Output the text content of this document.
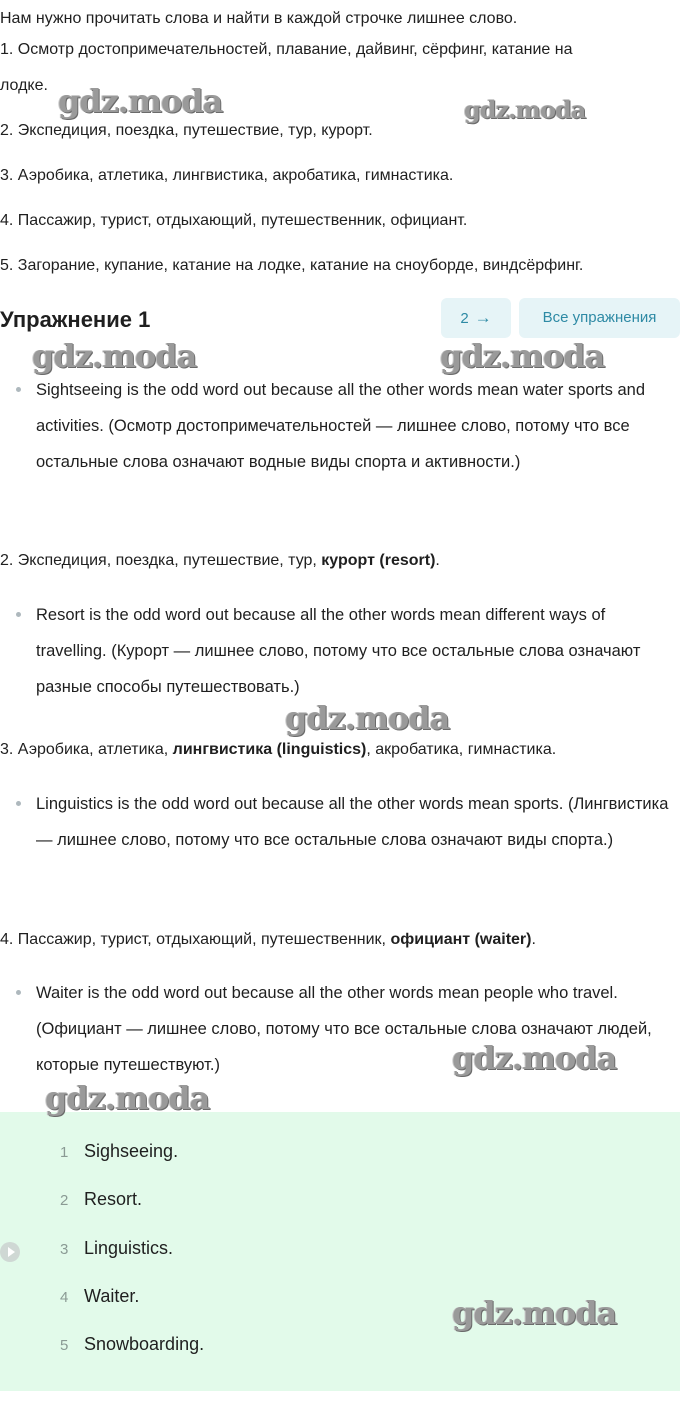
Нам нужно прочитать слова и найти в каждой строчке лишнее слово.
1. Осмотр достопримечательностей, плавание, дайвинг, сёрфинг, катание на
лодке.
2. Экспедиция, поездка, путешествие, тур, курорт.
3. Аэробика, атлетика, лингвистика, акробатика, гимнастика.
4. Пассажир, турист, отдыхающий, путешественник, официант.
5. Загорание, купание, катание на лодке, катание на сноуборде, виндсёрфинг.
Упражнение 1	2 →	Все упражнения
Sightseeing is the odd word out because all the other words mean water sports and activities. (Осмотр достопримечательностей — лишнее слово, потому что все остальные слова означают водные виды спорта и активности.)
2. Экспедиция, поездка, путешествие, тур, курорт (resort).
Resort is the odd word out because all the other words mean different ways of travelling. (Курорт — лишнее слово, потому что все остальные слова означают разные способы путешествовать.)
3. Аэробика, атлетика, лингвистика (linguistics), акробатика, гимнастика.
Linguistics is the odd word out because all the other words mean sports. (Лингвистика — лишнее слово, потому что все остальные слова означают виды спорта.)
4. Пассажир, турист, отдыхающий, путешественник, официант (waiter).
Waiter is the odd word out because all the other words mean people who travel. (Официант — лишнее слово, потому что все остальные слова означают людей, которые путешествуют.)
1 Sighseeing.
2 Resort.
3 Linguistics.
4 Waiter.
5 Snowboarding.
gdz.moda	gdz.moda
gdz.moda	gdz.moda
gdz.moda
gdz.moda
gdz.moda
gdz.moda
